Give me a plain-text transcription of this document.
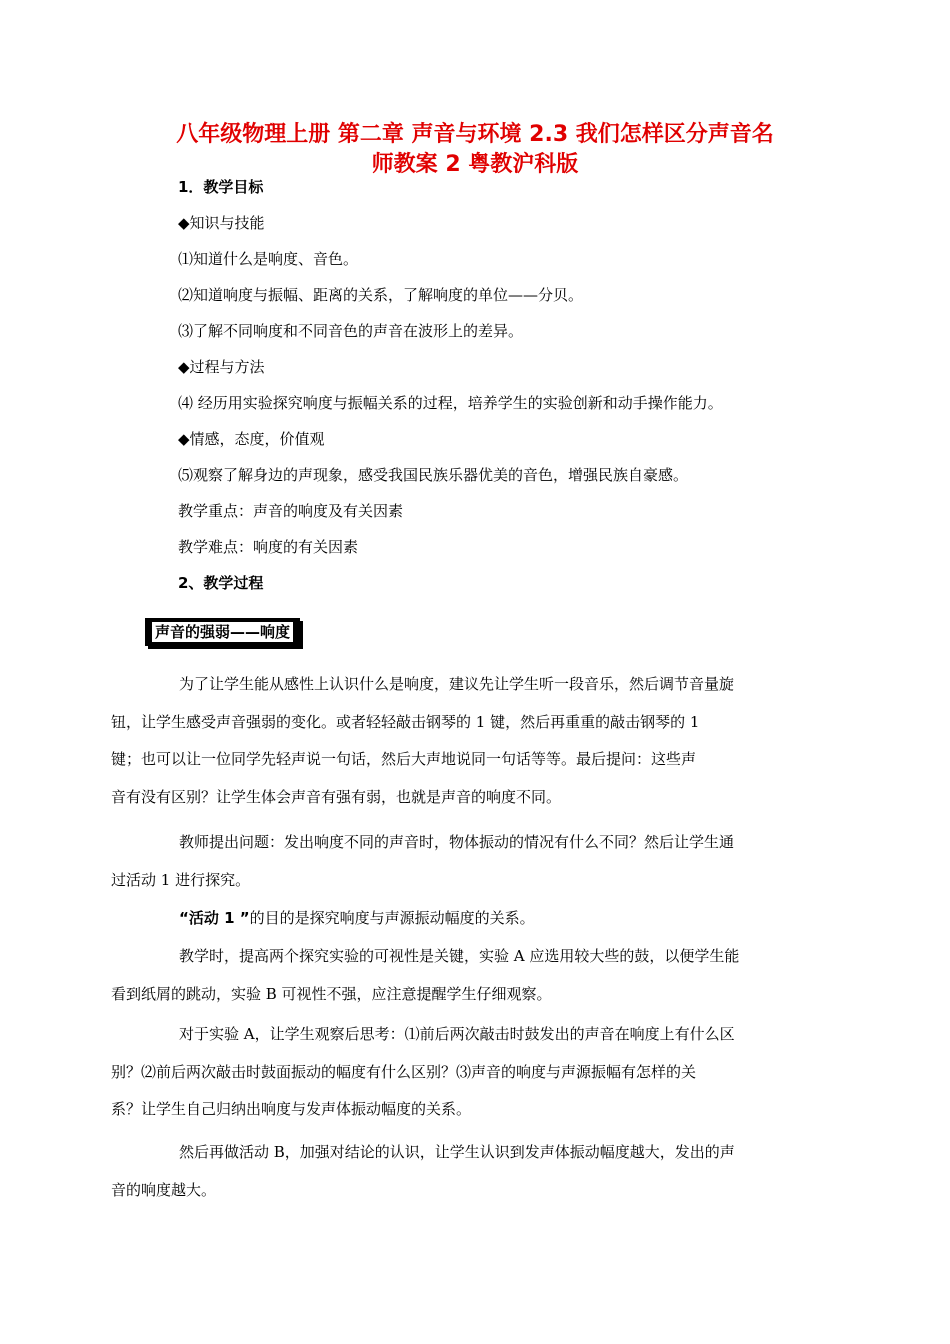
八年级物理上册 第二章 声音与环境 2.3 我们怎样区分声音名
师教案 2 粤教沪科版
1．教学目标
◆知识与技能
⑴知道什么是响度、音色。
⑵知道响度与振幅、距离的关系，了解响度的单位——分贝。
⑶了解不同响度和不同音色的声音在波形上的差异。
◆过程与方法
⑷ 经历用实验探究响度与振幅关系的过程，培养学生的实验创新和动手操作能力。
◆情感，态度，价值观
⑸观察了解身边的声现象，感受我国民族乐器优美的音色，增强民族自豪感。
教学重点：声音的响度及有关因素
教学难点：响度的有关因素
2、教学过程
声音的强弱——响度
为了让学生能从感性上认识什么是响度，建议先让学生听一段音乐，然后调节音量旋
钮，让学生感受声音强弱的变化。或者轻轻敲击钢琴的 1 键，然后再重重的敲击钢琴的 1
键；也可以让一位同学先轻声说一句话，然后大声地说同一句话等等。最后提问：这些声
音有没有区别？让学生体会声音有强有弱，也就是声音的响度不同。
教师提出问题：发出响度不同的声音时，物体振动的情况有什么不同？然后让学生通
过活动 1 进行探究。
“活动 1 ”的目的是探究响度与声源振动幅度的关系。
教学时，提高两个探究实验的可视性是关键，实验 A 应选用较大些的鼓，以便学生能
看到纸屑的跳动，实验 B 可视性不强，应注意提醒学生仔细观察。
对于实验 A，让学生观察后思考：⑴前后两次敲击时鼓发出的声音在响度上有什么区
别？⑵前后两次敲击时鼓面振动的幅度有什么区别？⑶声音的响度与声源振幅有怎样的关
系？让学生自己归纳出响度与发声体振动幅度的关系。
然后再做活动 B，加强对结论的认识，让学生认识到发声体振动幅度越大，发出的声
音的响度越大。
